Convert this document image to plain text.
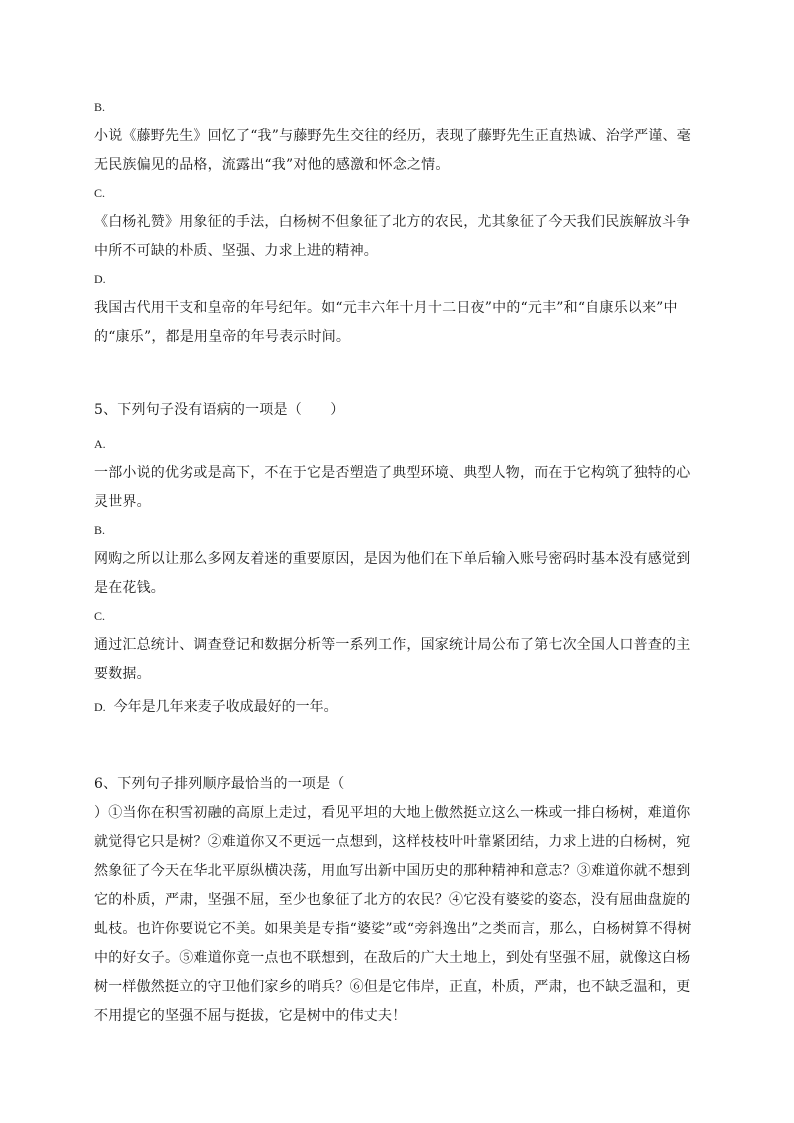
B.
小说《藤野先生》回忆了“我”与藤野先生交往的经历，表现了藤野先生正直热诚、治学严谨、毫无民族偏见的品格，流露出“我”对他的感激和怀念之情。
C.
《白杨礼赞》用象征的手法，白杨树不但象征了北方的农民，尤其象征了今天我们民族解放斗争中所不可缺的朴质、坚强、力求上进的精神。
D.
我国古代用干支和皇帝的年号纪年。如“元丰六年十月十二日夜”中的“元丰”和“自康乐以来”中的“康乐”，都是用皇帝的年号表示时间。
5、下列句子没有语病的一项是（　　）
A.
一部小说的优劣或是高下，不在于它是否塑造了典型环境、典型人物，而在于它构筑了独特的心灵世界。
B.
网购之所以让那么多网友着迷的重要原因，是因为他们在下单后输入账号密码时基本没有感觉到是在花钱。
C.
通过汇总统计、调查登记和数据分析等一系列工作，国家统计局公布了第七次全国人口普查的主要数据。
D. 今年是几年来麦子收成最好的一年。
6、下列句子排列顺序最恰当的一项是（
）①当你在积雪初融的高原上走过，看见平坦的大地上傲然挺立这么一株或一排白杨树，难道你就觉得它只是树？②难道你又不更远一点想到，这样枝枝叶叶靠紧团结，力求上进的白杨树，宛然象征了今天在华北平原纵横决荡，用血写出新中国历史的那种精神和意志？③难道你就不想到它的朴质，严肃，坚强不屈，至少也象征了北方的农民？④它没有婆娑的姿态，没有屈曲盘旋的虬枝。也许你要说它不美。如果美是专指“婆娑”或“旁斜逸出”之类而言，那么，白杨树算不得树中的好女子。⑤难道你竟一点也不联想到，在敌后的广大土地上，到处有坚强不屈，就像这白杨树一样傲然挺立的守卫他们家乡的哨兵？⑥但是它伟岸，正直，朴质，严肃，也不缺乏温和，更不用提它的坚强不屈与挺拔，它是树中的伟丈夫！
